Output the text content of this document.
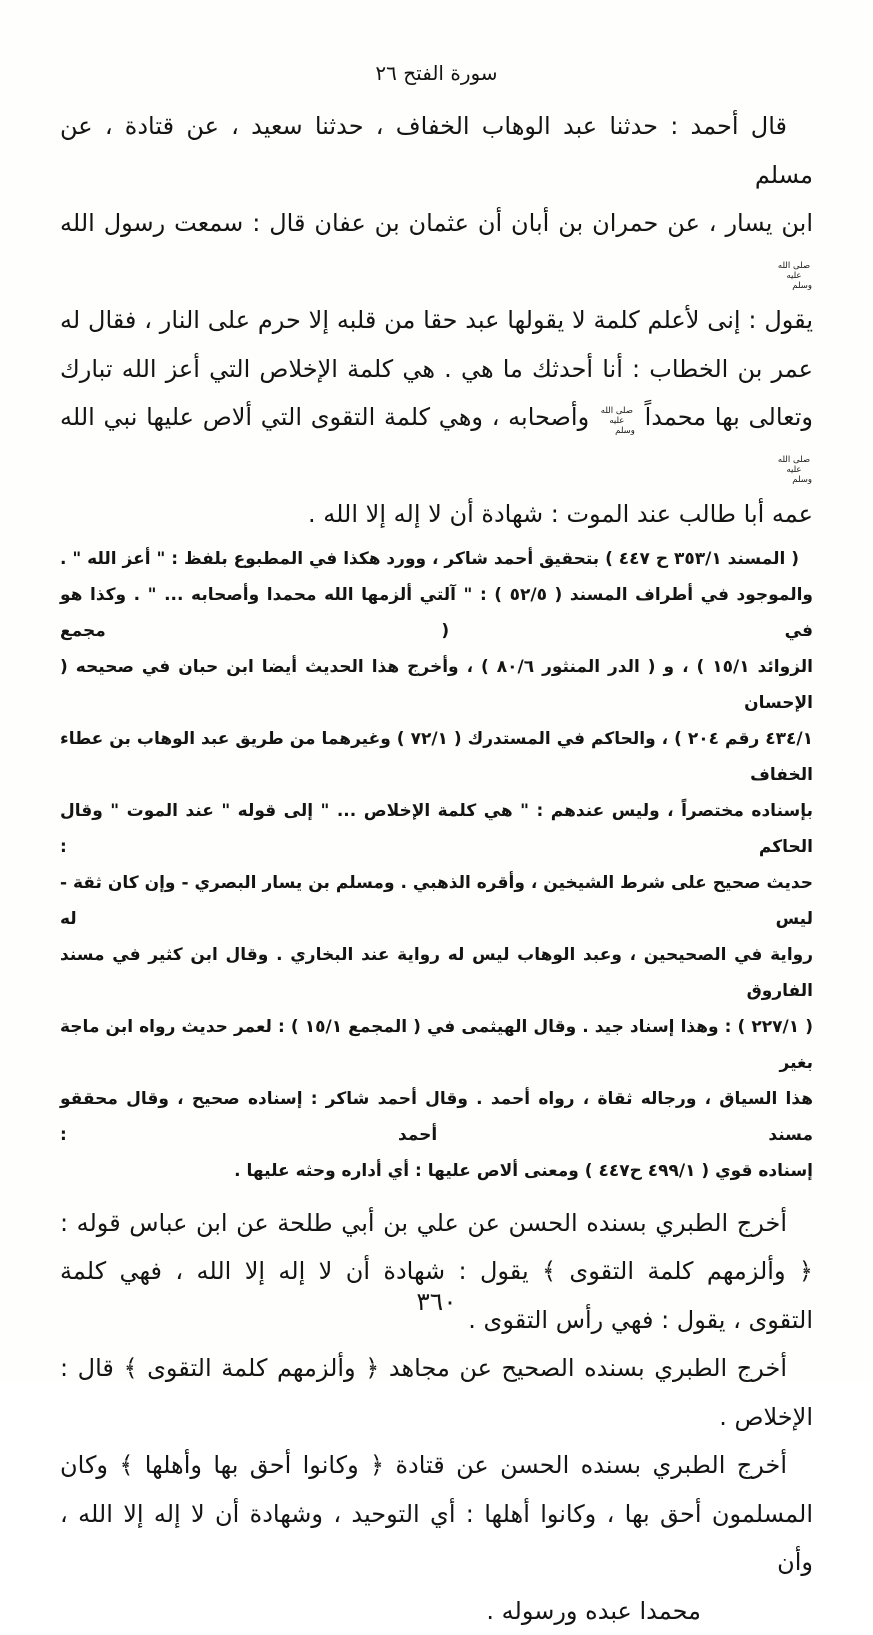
سورة الفتح ٢٦
قال أحمد : حدثنا عبد الوهاب الخفاف ، حدثنا سعيد ، عن قتادة ، عن مسلم
ابن يسار ، عن حمران بن أبان أن عثمان بن عفان قال : سمعت رسول الله صلى الله عليه وسلم
يقول : إنى لأعلم كلمة لا يقولها عبد حقا من قلبه إلا حرم على النار ، فقال له
عمر بن الخطاب : أنا أحدثك ما هي . هي كلمة الإخلاص التي أعز الله تبارك
وتعالى بها محمداً صلى الله عليه وسلم وأصحابه ، وهي كلمة التقوى التي ألاص عليها نبي الله صلى الله عليه وسلم
عمه أبا طالب عند الموت : شهادة أن لا إله إلا الله .
( المسند ٣٥٣/١ ح ٤٤٧ ) بتحقيق أحمد شاكر ، وورد هكذا في المطبوع بلفظ : " أعز الله " .
والموجود في أطراف المسند ( ٥٢/٥ ) : " آلتي ألزمها الله محمدا وأصحابه ... " . وكذا هو في ( مجمع
الزوائد ١٥/١ ) ، و ( الدر المنثور ٨٠/٦ ) ، وأخرج هذا الحديث أيضا ابن حبان في صحيحه ( الإحسان
٤٣٤/١ رقم ٢٠٤ ) ، والحاكم في المستدرك ( ٧٢/١ ) وغيرهما من طريق عبد الوهاب بن عطاء الخفاف
بإسناده مختصراً ، وليس عندهم : " هي كلمة الإخلاص ... " إلى قوله " عند الموت " وقال الحاكم :
حديث صحيح على شرط الشيخين ، وأقره الذهبي . ومسلم بن يسار البصري - وإن كان ثقة - ليس له
رواية في الصحيحين ، وعبد الوهاب ليس له رواية عند البخاري . وقال ابن كثير في مسند الفاروق
( ٢٢٧/١ ) : وهذا إسناد جيد . وقال الهيثمى في ( المجمع ١٥/١ ) : لعمر حديث رواه ابن ماجة بغير
هذا السياق ، ورجاله ثقاة ، رواه أحمد . وقال أحمد شاكر : إسناده صحيح ، وقال محققو مسند أحمد :
إسناده قوي ( ٤٩٩/١ ح٤٤٧ ) ومعنى ألاص عليها : أي أداره وحثه عليها .
أخرج الطبري بسنده الحسن عن علي بن أبي طلحة عن ابن عباس قوله :
﴿ وألزمهم كلمة التقوى ﴾ يقول : شهادة أن لا إله إلا الله ، فهي كلمة
التقوى ، يقول : فهي رأس التقوى .
أخرج الطبري بسنده الصحيح عن مجاهد ﴿ وألزمهم كلمة التقوى ﴾ قال :
الإخلاص .
أخرج الطبري بسنده الحسن عن قتادة ﴿ وكانوا أحق بها وأهلها ﴾ وكان
المسلمون أحق بها ، وكانوا أهلها : أي التوحيد ، وشهادة أن لا إله إلا الله ، وأن
محمدا عبده ورسوله .
٣٦٠
